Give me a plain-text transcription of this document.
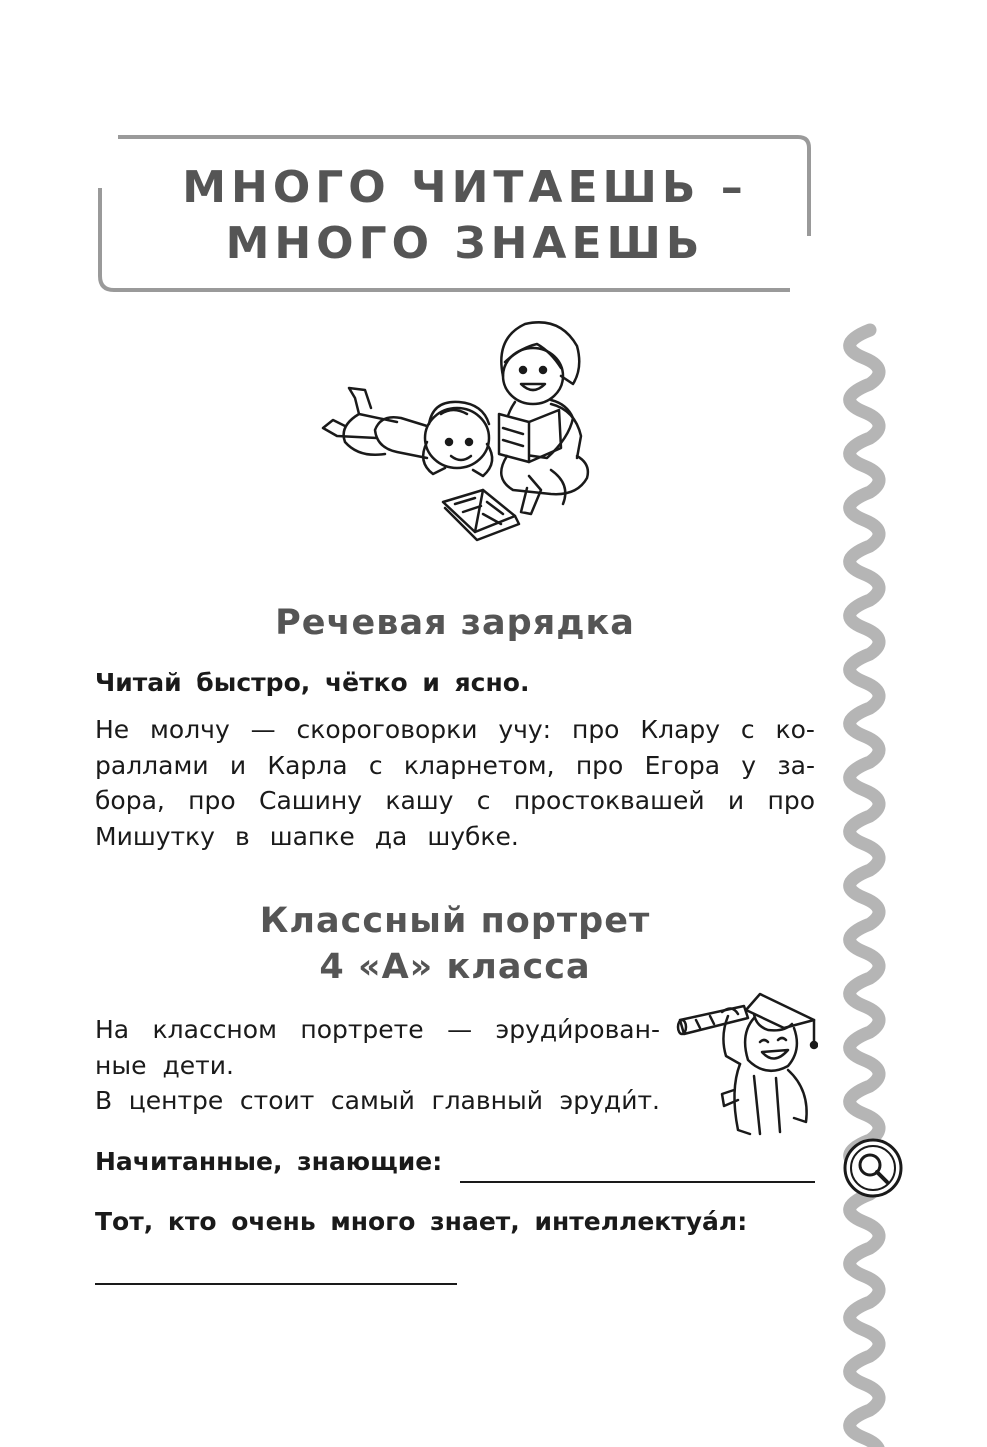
МНОГО ЧИТАЕШЬ –
МНОГО ЗНАЕШЬ
Речевая зарядка
Читай быстро, чётко и ясно.
Не молчу — скороговорки учу: про Клару с ко-
раллами и Карла с кларнетом, про Егора у за-
бора, про Сашину кашу с простоквашей и про
Мишутку в шапке да шубке.
Классный портрет
4 «А» класса
На классном портрете — эруди́рован-
ные дети.
В центре стоит самый главный эруди́т.
Начитанные, знающие:
Тот, кто очень много знает, интеллектуа́л:
